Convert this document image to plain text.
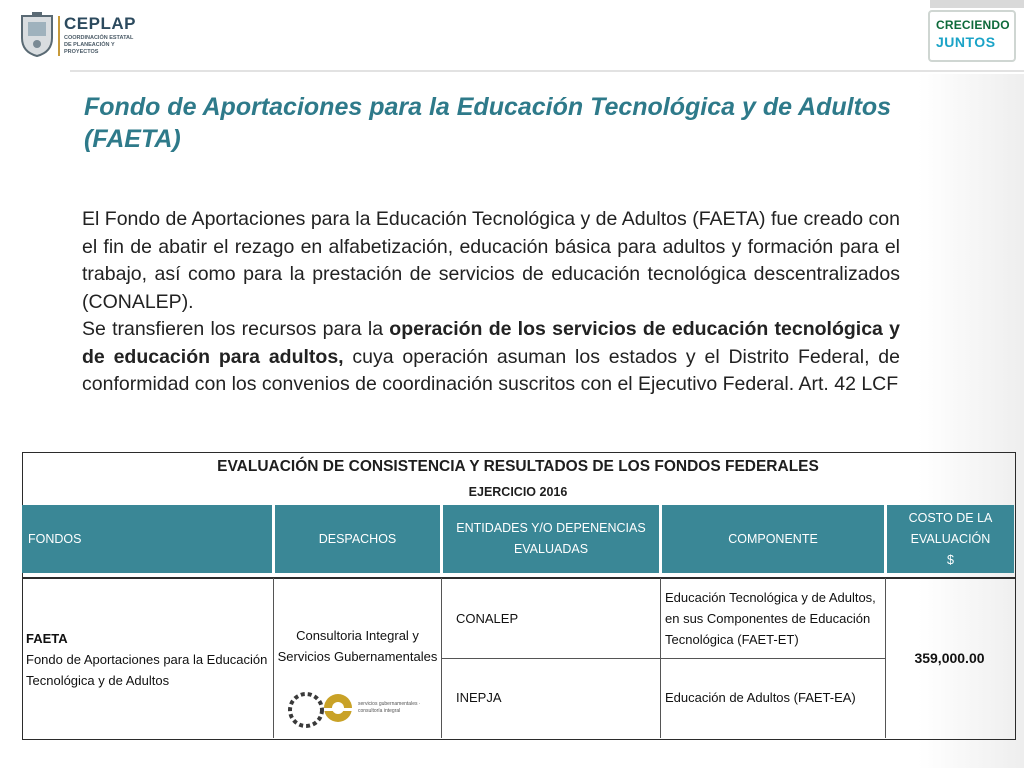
CEPLAP
COORDINACIÓN ESTATAL
DE PLANEACIÓN Y PROYECTOS
CRECIENDO
JUNTOS
Fondo de Aportaciones para la Educación Tecnológica y de Adultos (FAETA)

El Fondo de Aportaciones para la Educación Tecnológica y de Adultos (FAETA) fue creado con el fin de abatir el rezago en alfabetización, educación básica para adultos y formación para el trabajo, así como para la prestación de servicios de educación tecnológica descentralizados (CONALEP).

Se transfieren los recursos para la operación de los servicios de educación tecnológica y de educación para adultos, cuya operación asuman los estados y el Distrito Federal, de conformidad con los convenios de coordinación suscritos con el Ejecutivo Federal. Art. 42 LCF

EVALUACIÓN DE CONSISTENCIA Y RESULTADOS DE LOS FONDOS FEDERALES
EJERCICIO 2016
FONDOS	DESPACHOS
ENTIDADES Y/O DEPENENCIAS EVALUADAS
COMPONENTE
COSTO DE LA
EVALUACIÓN
$
FAETA
Fondo de Aportaciones para la Educación Tecnológica y de Adultos
Consultoria Integral y Servicios Gubernamentales
servicios gubernamentales · consultoría integral
CONALEP
Educación Tecnológica y de Adultos, en sus Componentes de Educación Tecnológica (FAET-ET)
INEPJA	Educación de Adultos (FAET-EA)
359,000.00
